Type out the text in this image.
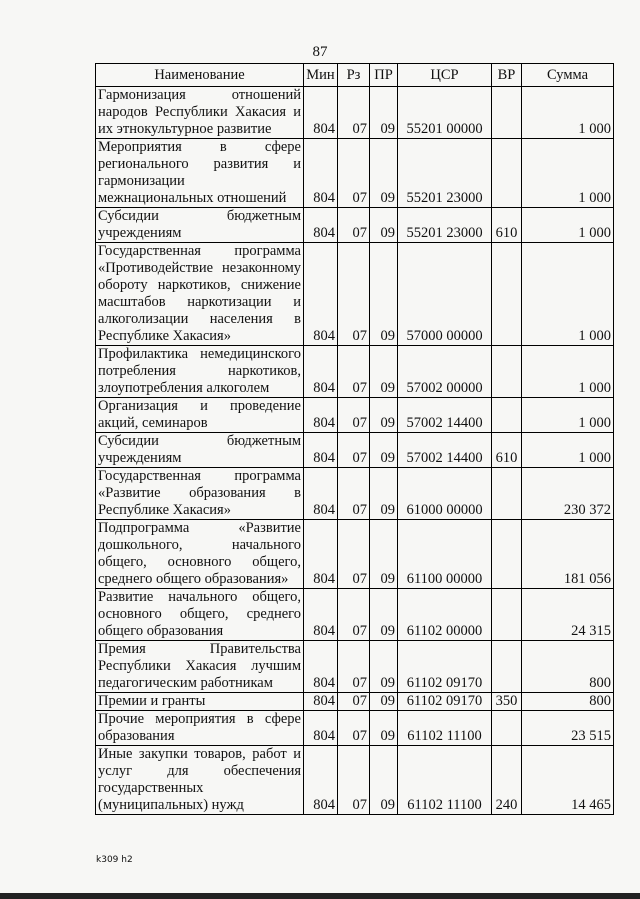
87
Наименование	Мин	Рз	ПР	ЦСР	ВР	Сумма
Гармонизация отношений народов Республики Хакасия и их этнокультурное развитие	804	07	09	55201 00000		1 000
Мероприятия в сфере регионального развития и гармонизации межнациональных отношений	804	07	09	55201 23000		1 000
Субсидии бюджетным учреждениям	804	07	09	55201 23000	610	1 000
Государственная программа «Противодействие незаконному обороту наркотиков, снижение масштабов наркотизации и алкоголизации населения в Республике Хакасия»	804	07	09	57000 00000		1 000
Профилактика немедицинского потребления наркотиков, злоупотребления алкоголем	804	07	09	57002 00000		1 000
Организация и проведение акций, семинаров	804	07	09	57002 14400		1 000
Субсидии бюджетным учреждениям	804	07	09	57002 14400	610	1 000
Государственная программа «Развитие образования в Республике Хакасия»	804	07	09	61000 00000		230 372
Подпрограмма «Развитие дошкольного, начального общего, основного общего, среднего общего образования»	804	07	09	61100 00000		181 056
Развитие начального общего, основного общего, среднего общего образования	804	07	09	61102 00000		24 315
Премия Правительства Республики Хакасия лучшим педагогическим работникам	804	07	09	61102 09170		800
Премии и гранты	804	07	09	61102 09170	350	800
Прочие мероприятия в сфере образования	804	07	09	61102 11100		23 515
Иные закупки товаров, работ и услуг для обеспечения государственных (муниципальных) нужд	804	07	09	61102 11100	240	14 465
k309 h2
